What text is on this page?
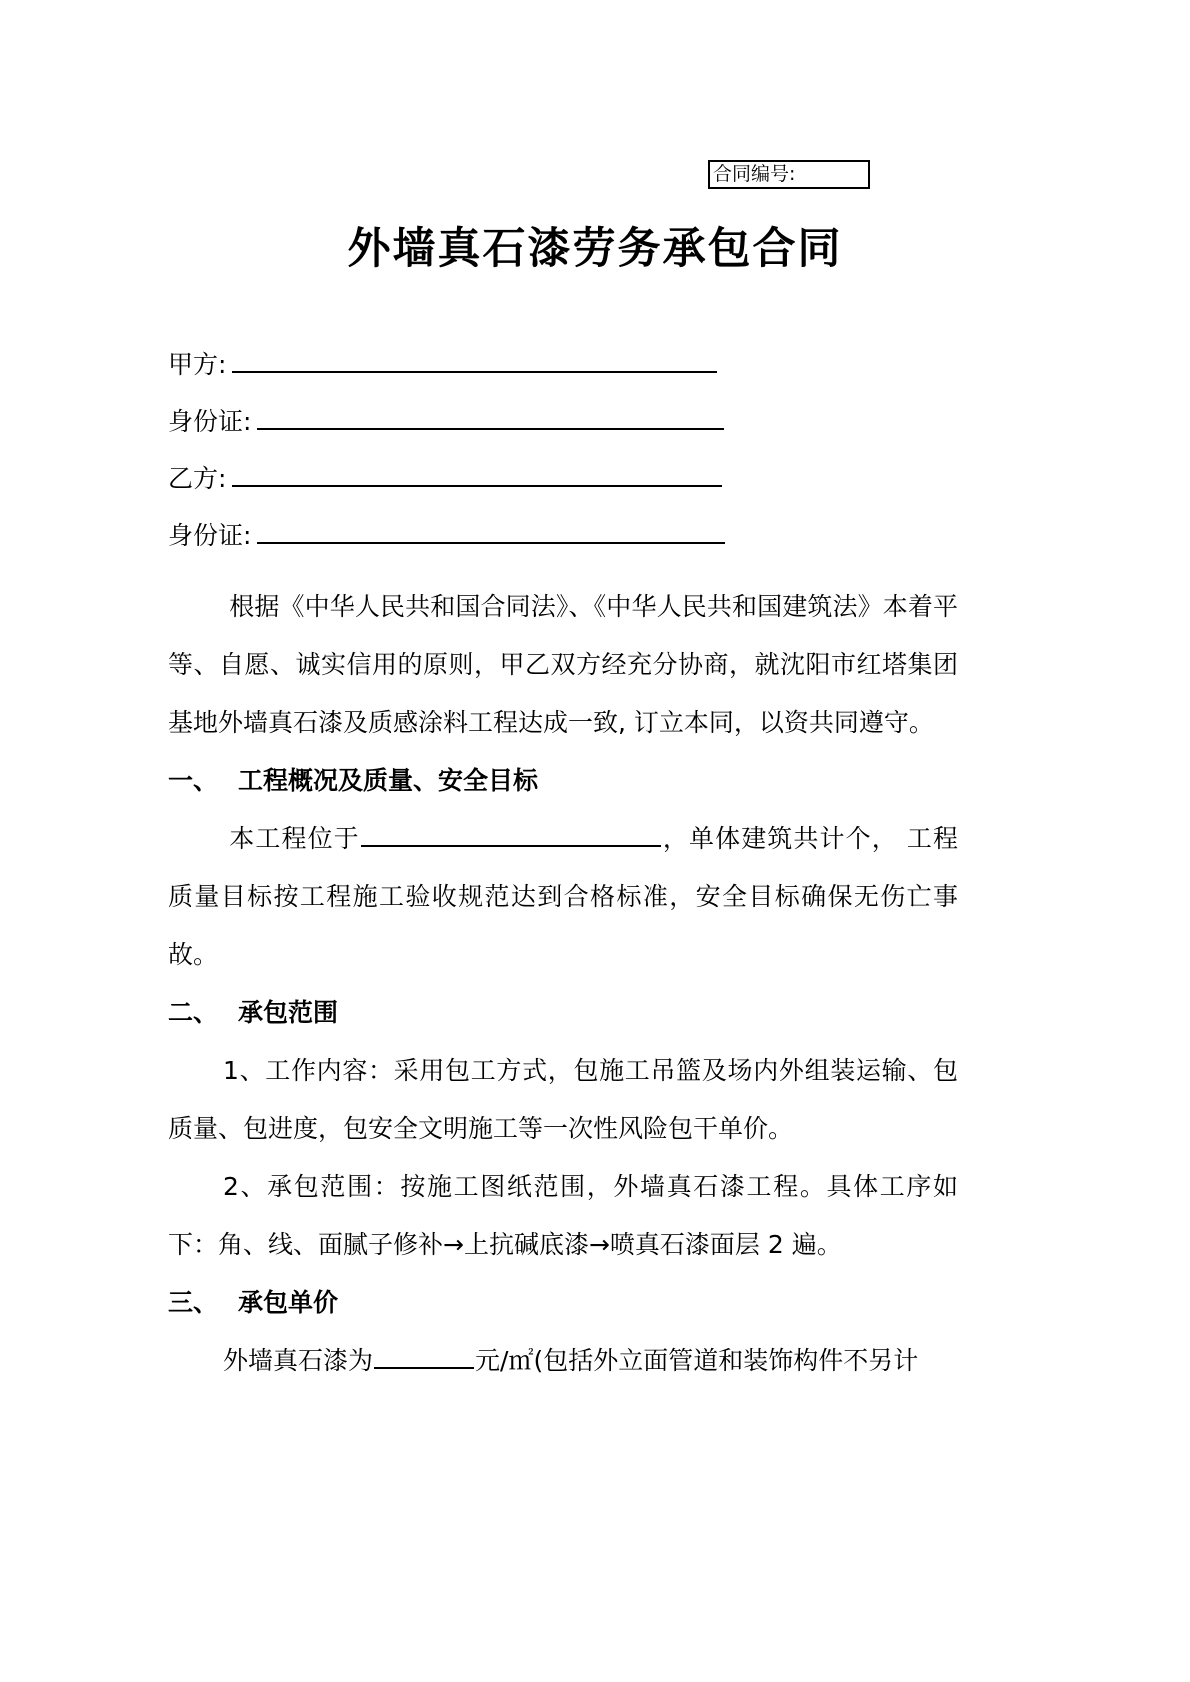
合同编号:
外墙真石漆劳务承包合同
甲方:
身份证:
乙方:
身份证:

根据《中华人民共和国合同法》、《中华人民共和国建筑法》本着平等、自愿、诚实信用的原则，甲乙双方经充分协商，就沈阳市红塔集团基地外墙真石漆及质感涂料工程达成一致, 订立本同，以资共同遵守。

一、 工程概况及质量、安全目标

本工程位于	，单体建筑共计个， 工程质量目标按工程施工验收规范达到合格标准，安全目标确保无伤亡事故。

二、 承包范围

1、工作内容：采用包工方式，包施工吊篮及场内外组装运输、包质量、包进度，包安全文明施工等一次性风险包干单价。

2、承包范围：按施工图纸范围，外墙真石漆工程。具体工序如下：角、线、面腻子修补→上抗碱底漆→喷真石漆面层 2 遍。

三、 承包单价

外墙真石漆为	元/㎡(包括外立面管道和装饰构件不另计
